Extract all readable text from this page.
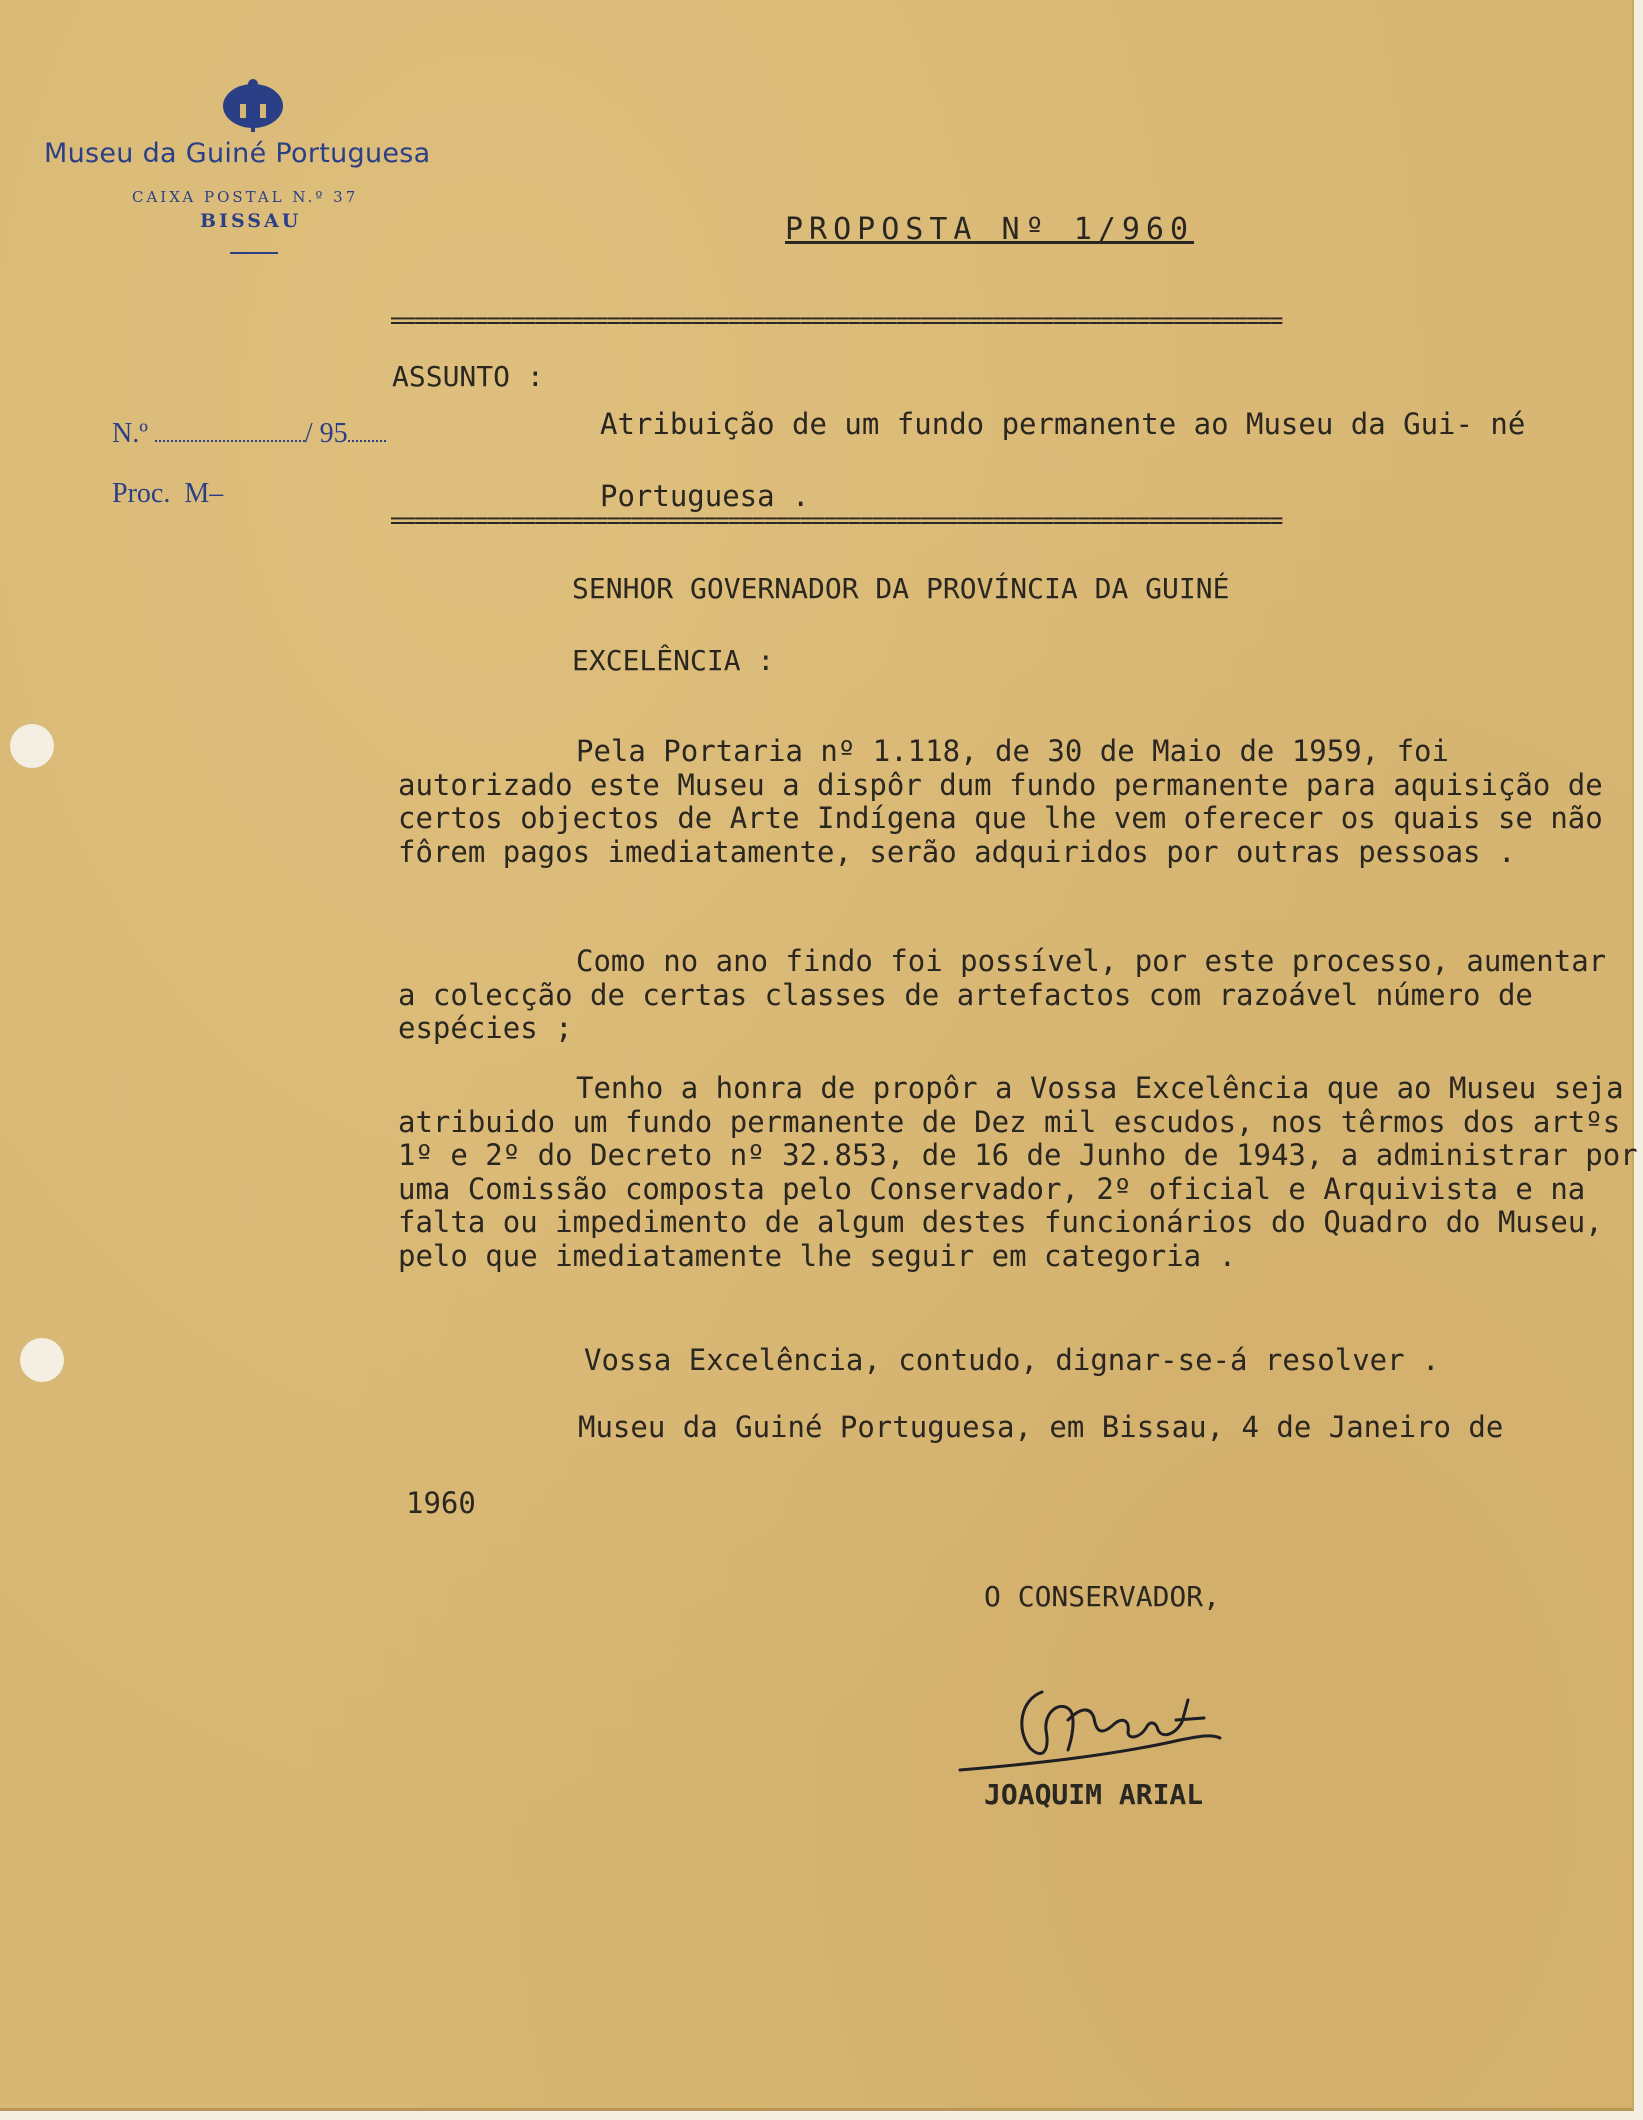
Museu da Guiné Portuguesa

CAIXA POSTAL N.º 37

BISSAU

N.º	/ 95

Proc. M–

PROPOSTA Nº 1/960

==========================================================================

ASSUNTO :

Atribuição de um fundo permanente ao Museu da Gui- né Portuguesa .

==========================================================================

SENHOR GOVERNADOR DA PROVÍNCIA DA GUINÉ

EXCELÊNCIA :

Pela Portaria nº 1.118, de 30 de Maio de 1959, foi autorizado este Museu a dispôr dum fundo permanente para aquisição de certos objectos de Arte Indígena que lhe vem oferecer os quais se não fôrem pagos imediatamente, serão adquiridos por outras pessoas .

Como no ano findo foi possível, por este processo, aumentar a colecção de certas classes de artefactos com razoável número de espécies ;

Tenho a honra de propôr a Vossa Excelência que ao Museu seja atribuido um fundo permanente de Dez mil escudos, nos têrmos dos artºs 1º e 2º do Decreto nº 32.853, de 16 de Junho de 1943, a administrar por uma Comissão composta pelo Conservador, 2º oficial e Arquivista e na falta ou impedimento de algum destes funcionários do Quadro do Museu, pelo que imediatamente lhe seguir em categoria .

Vossa Excelência, contudo, dignar-se-á resolver .

Museu da Guiné Portuguesa, em Bissau, 4 de Janeiro de

1960

O CONSERVADOR,

JOAQUIM ARIAL
